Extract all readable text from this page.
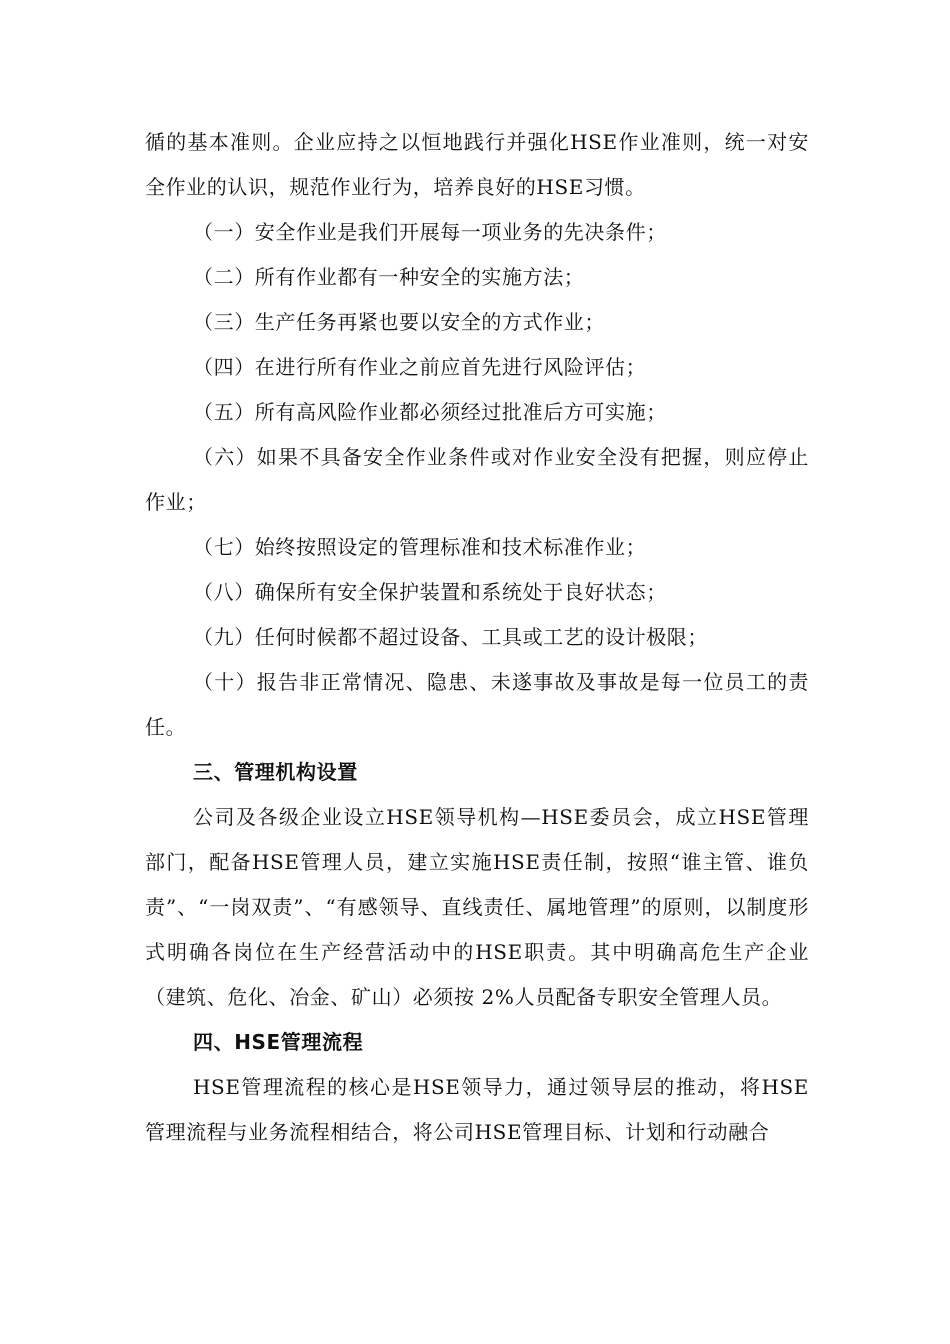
循的基本准则。企业应持之以恒地践行并强化HSE作业准则，统一对安全作业的认识，规范作业行为，培养良好的HSE习惯。

（一）安全作业是我们开展每一项业务的先决条件；

（二）所有作业都有一种安全的实施方法；

（三）生产任务再紧也要以安全的方式作业；

（四）在进行所有作业之前应首先进行风险评估；

（五）所有高风险作业都必须经过批准后方可实施；

（六）如果不具备安全作业条件或对作业安全没有把握，则应停止作业；

（七）始终按照设定的管理标准和技术标准作业；

（八）确保所有安全保护装置和系统处于良好状态；

（九）任何时候都不超过设备、工具或工艺的设计极限；

（十）报告非正常情况、隐患、未遂事故及事故是每一位员工的责任。

三、管理机构设置

公司及各级企业设立HSE领导机构—HSE委员会，成立HSE管理部门，配备HSE管理人员，建立实施HSE责任制，按照“谁主管、谁负责”、“一岗双责”、“有感领导、直线责任、属地管理”的原则，以制度形式明确各岗位在生产经营活动中的HSE职责。其中明确高危生产企业（建筑、危化、冶金、矿山）必须按 2%人员配备专职安全管理人员。

四、HSE管理流程

HSE管理流程的核心是HSE领导力，通过领导层的推动，将HSE管理流程与业务流程相结合，将公司HSE管理目标、计划和行动融合
